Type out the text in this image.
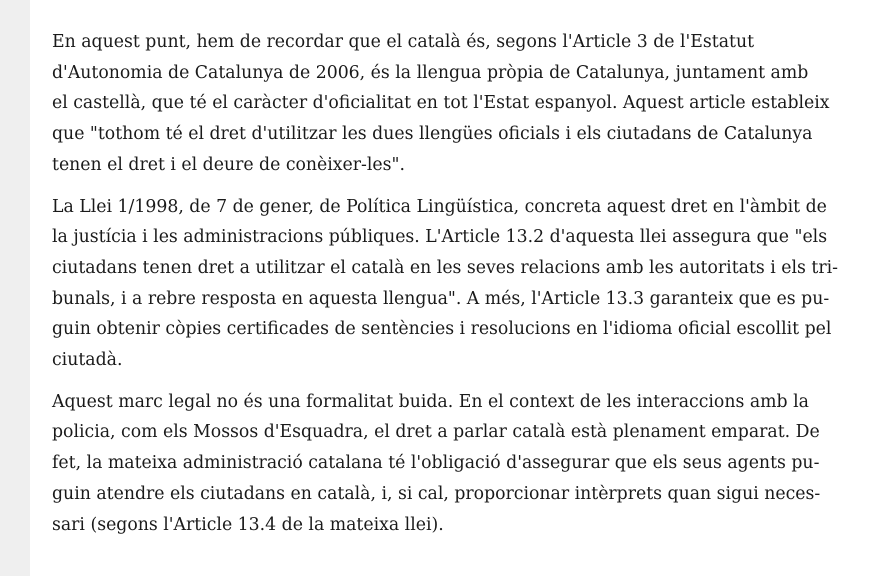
En aquest punt, hem de recordar que el català és, segons l'Article 3 de l'Estatut
d'Autonomia de Catalunya de 2006, és la llengua pròpia de Catalunya, juntament amb
el castellà, que té el caràcter d'oficialitat en tot l'Estat espanyol. Aquest article estableix
que "tothom té el dret d'utilitzar les dues llengües oficials i els ciutadans de Catalunya
tenen el dret i el deure de conèixer-les".

La Llei 1/1998, de 7 de gener, de Política Lingüística, concreta aquest dret en l'àmbit de
la justícia i les administracions públiques. L'Article 13.2 d'aquesta llei assegura que "els
ciutadans tenen dret a utilitzar el català en les seves relacions amb les autoritats i els tri-
bunals, i a rebre resposta en aquesta llengua". A més, l'Article 13.3 garanteix que es pu-
guin obtenir còpies certificades de sentències i resolucions en l'idioma oficial escollit pel
ciutadà.

Aquest marc legal no és una formalitat buida. En el context de les interaccions amb la
policia, com els Mossos d'Esquadra, el dret a parlar català està plenament emparat. De
fet, la mateixa administració catalana té l'obligació d'assegurar que els seus agents pu-
guin atendre els ciutadans en català, i, si cal, proporcionar intèrprets quan sigui neces-
sari (segons l'Article 13.4 de la mateixa llei).
